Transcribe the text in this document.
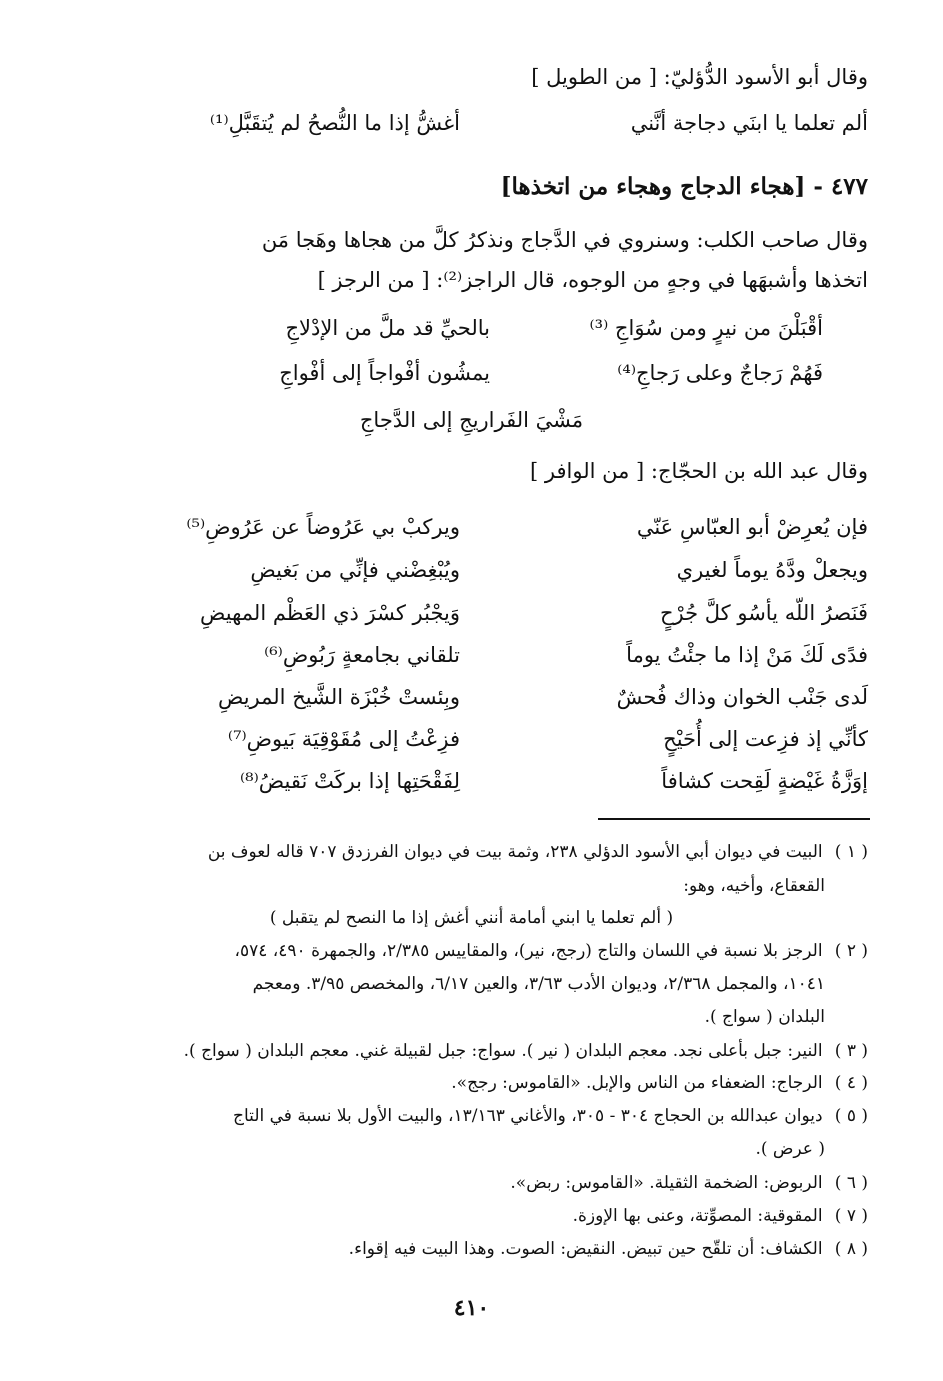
وقال أبو الأسود الدُّؤليّ: [ من الطويل ]
ألم تعلما يا ابنَي دجاجة أنَّني
أغشُّ إذا ما النُّصحُ لم يُتقَبَّلِ⁽¹⁾
٤٧٧ - [هجاء الدجاج وهجاء من اتخذها]
وقال صاحب الكلب: وسنروي في الدَّجاج ونذكرُ كلَّ من هجاها وهَجا مَن
اتخذها وأشبهَها في وجهٍ من الوجوه، قال الراجز⁽²⁾: [ من الرجز ]
أقْبَلْنَ من نيرٍ ومن سُوَاجِ ⁽³⁾
بالحيِّ قد ملَّ من الإدْلاجِ
فَهُمْ رَجاجٌ وعلى رَجاجِ⁽⁴⁾
يمشُون أفْواجاً إلى أفْواجِ
مَشْيَ الفَراريجِ إلى الدَّجاجِ
وقال عبد الله بن الحجّاج: [ من الوافر ]
فإن يُعرِضْ أبو العبّاسِ عَنّي
ويركبْ بي عَرُوضاً عن عَرُوضِ⁽⁵⁾
ويجعلْ ودَّهُ يوماً لغيري
ويُبْغِضْني فإنِّي من بَغيضِ
فَنَصرُ اللّه يأسُو كلَّ جُرْحٍ
وَيجْبُر كسْرَ ذي العَظْم المهيضِ
فدًى لَكَ مَنْ إذا ما جئْتُ يوماً
تلقاني بجامعةٍ رَبُوضِ⁽⁶⁾
لَدى جَنْب الخوان وذاك فُحشٌ
وبِئستْ خُبْزَة الشَّيخ المريضِ
كأنِّي إذ فزِعت إلى أُحَيْحٍ
فزِعْتُ إلى مُقَوْقِيَة بَيوضِ⁽⁷⁾
إوَزَّةُ غَيْضةٍ لَقِحت كشافاً
لِفَقْحَتِها إذا بركَتْ نَقيضُ⁽⁸⁾
( ١ ) البيت في ديوان أبي الأسود الدؤلي ٢٣٨، وثمة بيت في ديوان الفرزدق ٧٠٧ قاله لعوف بن
القعقاع، وأخيه، وهو:
( ألم تعلما يا ابني أمامة أنني أغش إذا ما النصح لم يتقبل )
( ٢ ) الرجز بلا نسبة في اللسان والتاج (رجج، نير)، والمقاييس ٢/٣٨٥، والجمهرة ٤٩٠، ٥٧٤،
١٠٤١، والمجمل ٢/٣٦٨، وديوان الأدب ٣/٦٣، والعين ٦/١٧، والمخصص ٣/٩٥. ومعجم
البلدان ( سواج ).
( ٣ ) النير: جبل بأعلى نجد. معجم البلدان ( نير ). سواج: جبل لقبيلة غني. معجم البلدان ( سواج ).
( ٤ ) الرجاج: الضعفاء من الناس والإبل. «القاموس: رجج».
( ٥ ) ديوان عبدالله بن الحجاج ٣٠٤ - ٣٠٥، والأغاني ١٣/١٦٣، والبيت الأول بلا نسبة في التاج
( عرض ).
( ٦ ) الربوض: الضخمة الثقيلة. «القاموس: ربض».
( ٧ ) المقوقية: المصوِّتة، وعنى بها الإوزة.
( ٨ ) الكشاف: أن تلقّح حين تبيض. النقيض: الصوت. وهذا البيت فيه إقواء.
٤١٠
